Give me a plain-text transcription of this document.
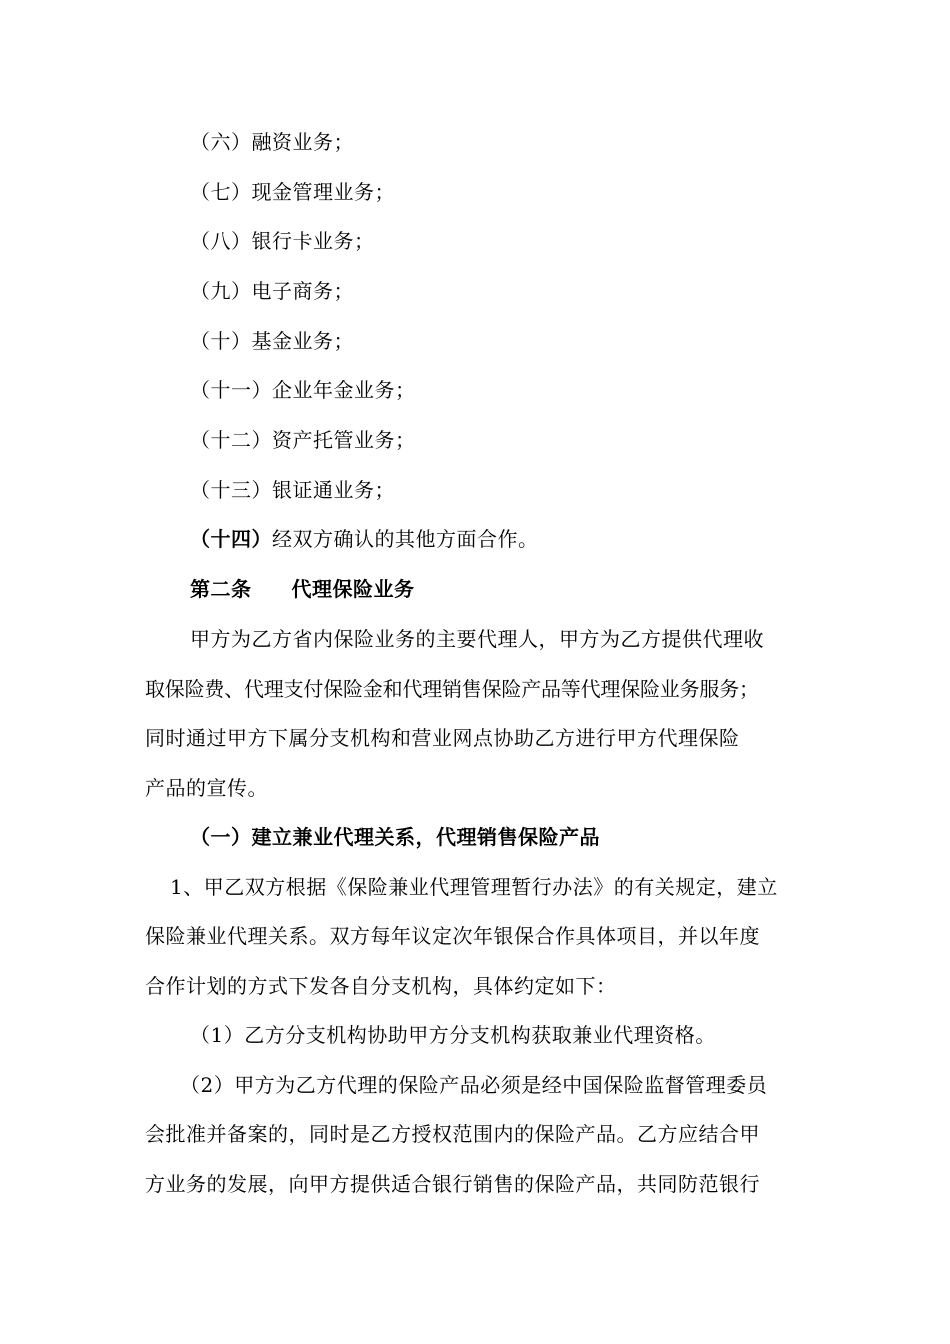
（六）融资业务；
（七）现金管理业务；
（八）银行卡业务；
（九）电子商务；
（十）基金业务；
（十一）企业年金业务；
（十二）资产托管业务；
（十三）银证通业务；
（十四）经双方确认的其他方面合作。
第二条 代理保险业务
甲方为乙方省内保险业务的主要代理人，甲方为乙方提供代理收
取保险费、代理支付保险金和代理销售保险产品等代理保险业务服务；
同时通过甲方下属分支机构和营业网点协助乙方进行甲方代理保险
产品的宣传。
（一）建立兼业代理关系，代理销售保险产品
1、甲乙双方根据《保险兼业代理管理暂行办法》的有关规定，建立
保险兼业代理关系。双方每年议定次年银保合作具体项目，并以年度
合作计划的方式下发各自分支机构，具体约定如下：
（1）乙方分支机构协助甲方分支机构获取兼业代理资格。
（2）甲方为乙方代理的保险产品必须是经中国保险监督管理委员
会批准并备案的，同时是乙方授权范围内的保险产品。乙方应结合甲
方业务的发展，向甲方提供适合银行销售的保险产品，共同防范银行
